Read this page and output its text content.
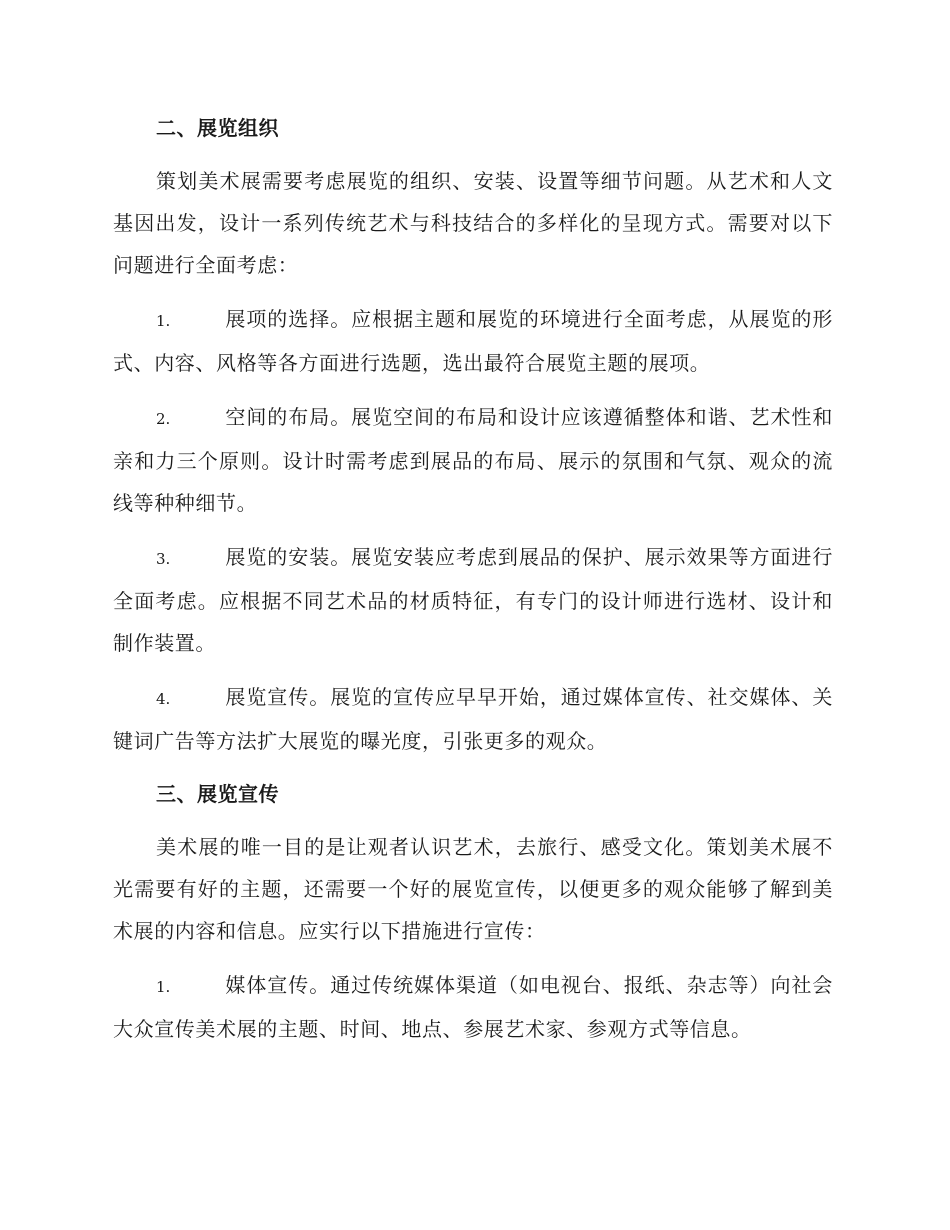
二、展览组织

策划美术展需要考虑展览的组织、安装、设置等细节问题。从艺术和人文基因出发，设计一系列传统艺术与科技结合的多样化的呈现方式。需要对以下问题进行全面考虑：

1.	展项的选择。应根据主题和展览的环境进行全面考虑，从展览的形式、内容、风格等各方面进行选题，选出最符合展览主题的展项。

2.	空间的布局。展览空间的布局和设计应该遵循整体和谐、艺术性和亲和力三个原则。设计时需考虑到展品的布局、展示的氛围和气氛、观众的流线等种种细节。

3.	展览的安装。展览安装应考虑到展品的保护、展示效果等方面进行全面考虑。应根据不同艺术品的材质特征，有专门的设计师进行选材、设计和制作装置。

4.	展览宣传。展览的宣传应早早开始，通过媒体宣传、社交媒体、关键词广告等方法扩大展览的曝光度，引张更多的观众。

三、展览宣传

美术展的唯一目的是让观者认识艺术，去旅行、感受文化。策划美术展不光需要有好的主题，还需要一个好的展览宣传，以便更多的观众能够了解到美术展的内容和信息。应实行以下措施进行宣传：

1.	媒体宣传。通过传统媒体渠道（如电视台、报纸、杂志等）向社会大众宣传美术展的主题、时间、地点、参展艺术家、参观方式等信息。
